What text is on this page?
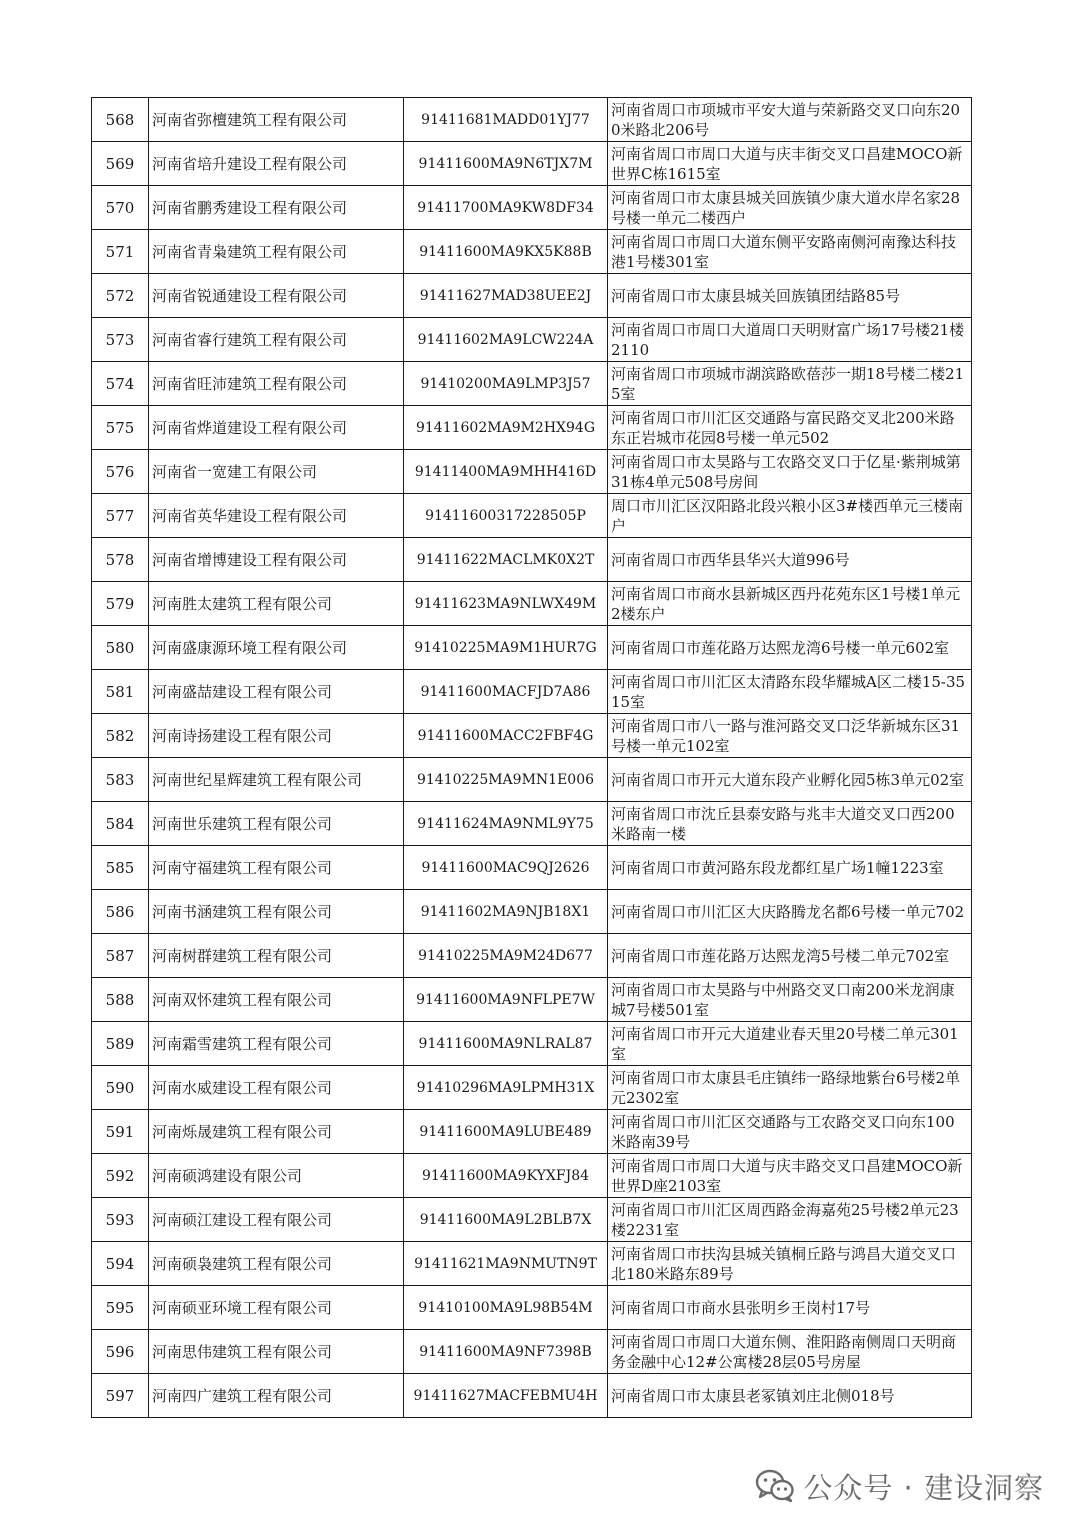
568	河南省弥檀建筑工程有限公司	91411681MADD01YJ77	河南省周口市项城市平安大道与荣新路交叉口向东200米路北206号
569	河南省培升建设工程有限公司	91411600MA9N6TJX7M	河南省周口市周口大道与庆丰街交叉口昌建MOCO新世界C栋1615室
570	河南省鹏秀建设工程有限公司	91411700MA9KW8DF34	河南省周口市太康县城关回族镇少康大道水岸名家28号楼一单元二楼西户
571	河南省青枭建筑工程有限公司	91411600MA9KX5K88B	河南省周口市周口大道东侧平安路南侧河南豫达科技港1号楼301室
572	河南省锐通建设工程有限公司	91411627MAD38UEE2J	河南省周口市太康县城关回族镇团结路85号
573	河南省睿行建筑工程有限公司	91411602MA9LCW224A	河南省周口市周口大道周口天明财富广场17号楼21楼2110
574	河南省旺沛建筑工程有限公司	91410200MA9LMP3J57	河南省周口市项城市湖滨路欧蓓莎一期18号楼二楼215室
575	河南省烨道建设工程有限公司	91411602MA9M2HX94G	河南省周口市川汇区交通路与富民路交叉北200米路东正岩城市花园8号楼一单元502
576	河南省一宽建工有限公司	91411400MA9MHH416D	河南省周口市太昊路与工农路交叉口于亿星·紫荆城第31栋4单元508号房间
577	河南省英华建设工程有限公司	91411600317228505P	周口市川汇区汉阳路北段兴粮小区3#楼西单元三楼南户
578	河南省增博建设工程有限公司	91411622MACLMK0X2T	河南省周口市西华县华兴大道996号
579	河南胜太建筑工程有限公司	91411623MA9NLWX49M	河南省周口市商水县新城区西丹花苑东区1号楼1单元2楼东户
580	河南盛康源环境工程有限公司	91410225MA9M1HUR7G	河南省周口市莲花路万达熙龙湾6号楼一单元602室
581	河南盛喆建设工程有限公司	91411600MACFJD7A86	河南省周口市川汇区太清路东段华耀城A区二楼15-3515室
582	河南诗扬建设工程有限公司	91411600MACC2FBF4G	河南省周口市八一路与淮河路交叉口泛华新城东区31号楼一单元102室
583	河南世纪星辉建筑工程有限公司	91410225MA9MN1E006	河南省周口市开元大道东段产业孵化园5栋3单元02室
584	河南世乐建筑工程有限公司	91411624MA9NML9Y75	河南省周口市沈丘县泰安路与兆丰大道交叉口西200米路南一楼
585	河南守福建筑工程有限公司	91411600MAC9QJ2626	河南省周口市黄河路东段龙都红星广场1幢1223室
586	河南书涵建筑工程有限公司	91411602MA9NJB18X1	河南省周口市川汇区大庆路腾龙名都6号楼一单元702
587	河南树群建筑工程有限公司	91410225MA9M24D677	河南省周口市莲花路万达熙龙湾5号楼二单元702室
588	河南双怀建筑工程有限公司	91411600MA9NFLPE7W	河南省周口市太昊路与中州路交叉口南200米龙润康城7号楼501室
589	河南霜雪建筑工程有限公司	91411600MA9NLRAL87	河南省周口市开元大道建业春天里20号楼二单元301室
590	河南水威建设工程有限公司	91410296MA9LPMH31X	河南省周口市太康县毛庄镇纬一路绿地紫台6号楼2单元2302室
591	河南烁晟建筑工程有限公司	91411600MA9LUBE489	河南省周口市川汇区交通路与工农路交叉口向东100米路南39号
592	河南硕鸿建设有限公司	91411600MA9KYXFJ84	河南省周口市周口大道与庆丰路交叉口昌建MOCO新世界D座2103室
593	河南硕江建设工程有限公司	91411600MA9L2BLB7X	河南省周口市川汇区周西路金海嘉苑25号楼2单元23楼2231室
594	河南硕袅建筑工程有限公司	91411621MA9NMUTN9T	河南省周口市扶沟县城关镇桐丘路与鸿昌大道交叉口北180米路东89号
595	河南硕亚环境工程有限公司	91410100MA9L98B54M	河南省周口市商水县张明乡王岗村17号
596	河南思伟建筑工程有限公司	91411600MA9NF7398B	河南省周口市周口大道东侧、淮阳路南侧周口天明商务金融中心12#公寓楼28层05号房屋
597	河南四广建筑工程有限公司	91411627MACFEBMU4H	河南省周口市太康县老冢镇刘庄北侧018号
公众号 · 建设洞察
